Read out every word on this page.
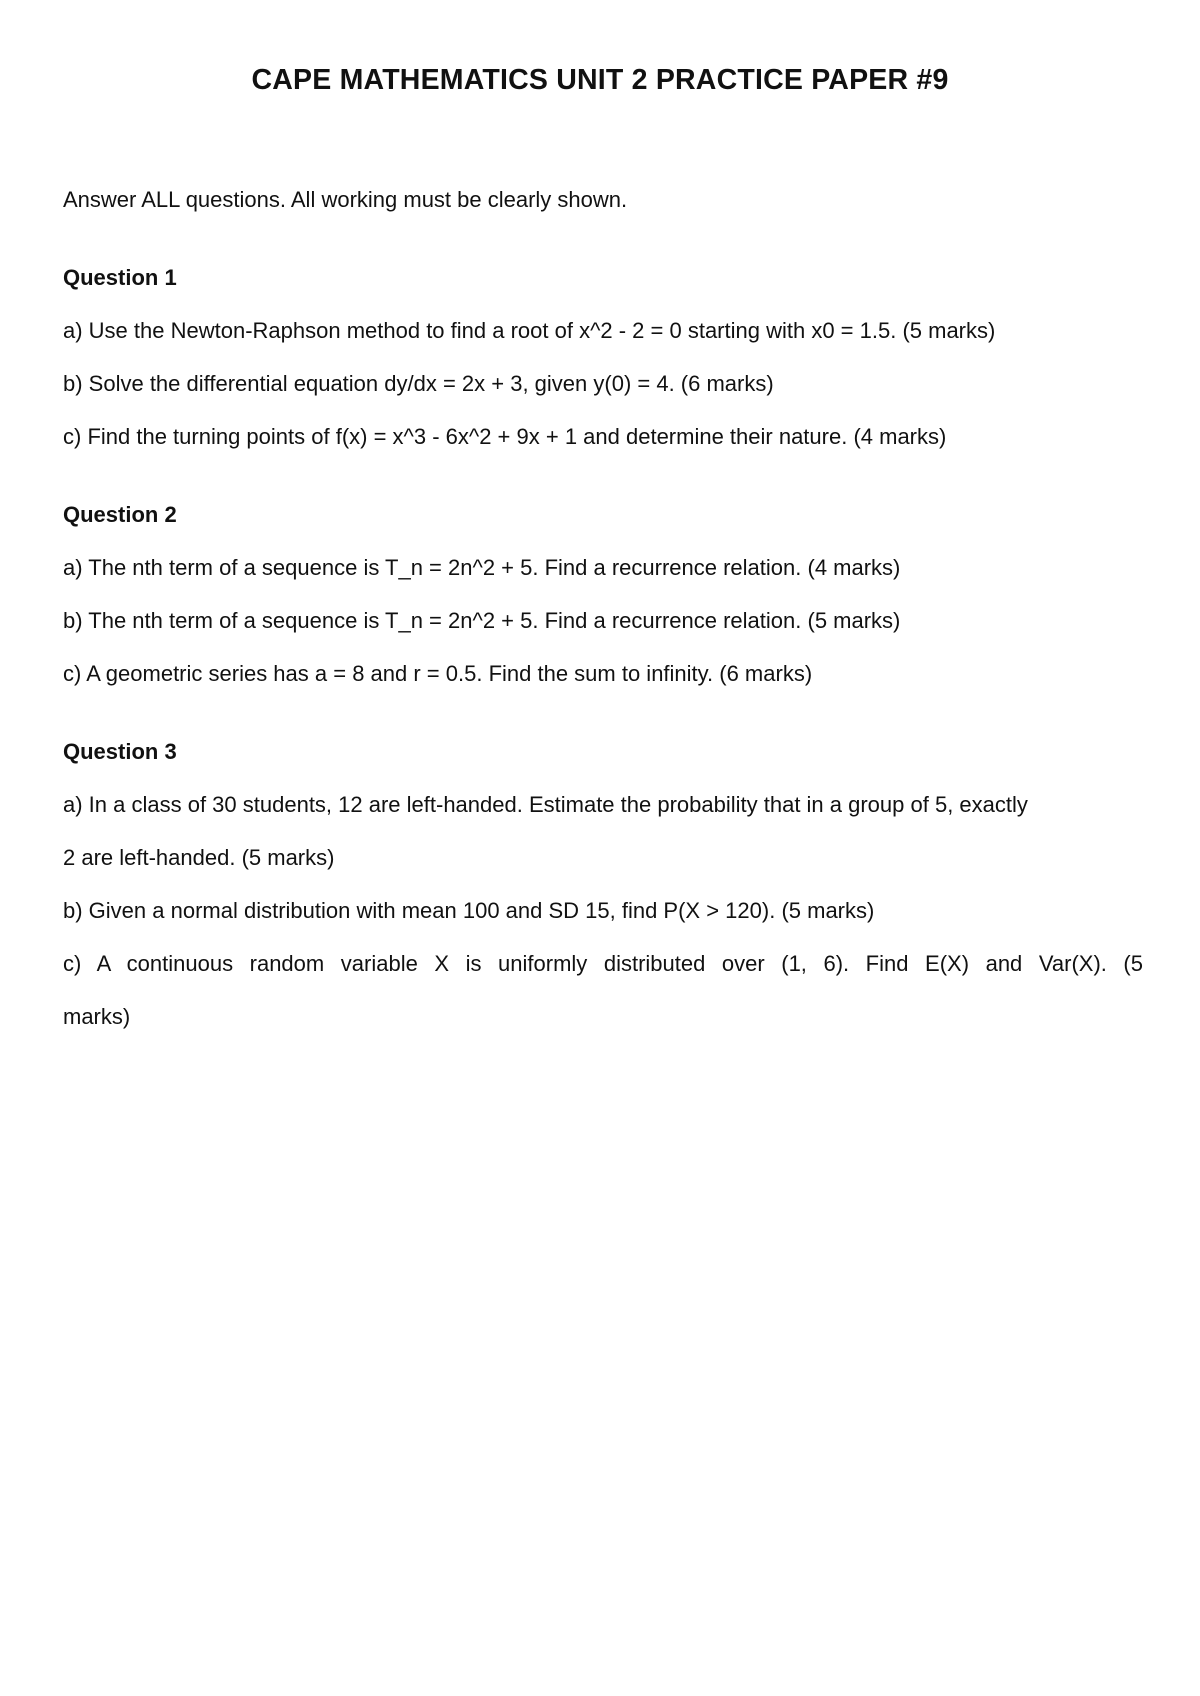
CAPE MATHEMATICS UNIT 2 PRACTICE PAPER #9
Answer ALL questions. All working must be clearly shown.
Question 1
a) Use the Newton-Raphson method to find a root of x^2 - 2 = 0 starting with x0 = 1.5. (5 marks)
b) Solve the differential equation dy/dx = 2x + 3, given y(0) = 4. (6 marks)
c) Find the turning points of f(x) = x^3 - 6x^2 + 9x + 1 and determine their nature. (4 marks)
Question 2
a) The nth term of a sequence is T_n = 2n^2 + 5. Find a recurrence relation. (4 marks)
b) The nth term of a sequence is T_n = 2n^2 + 5. Find a recurrence relation. (5 marks)
c) A geometric series has a = 8 and r = 0.5. Find the sum to infinity. (6 marks)
Question 3
a) In a class of 30 students, 12 are left-handed. Estimate the probability that in a group of 5, exactly
2 are left-handed. (5 marks)
b) Given a normal distribution with mean 100 and SD 15, find P(X > 120). (5 marks)
c) A continuous random variable X is uniformly distributed over (1, 6). Find E(X) and Var(X). (5
marks)
